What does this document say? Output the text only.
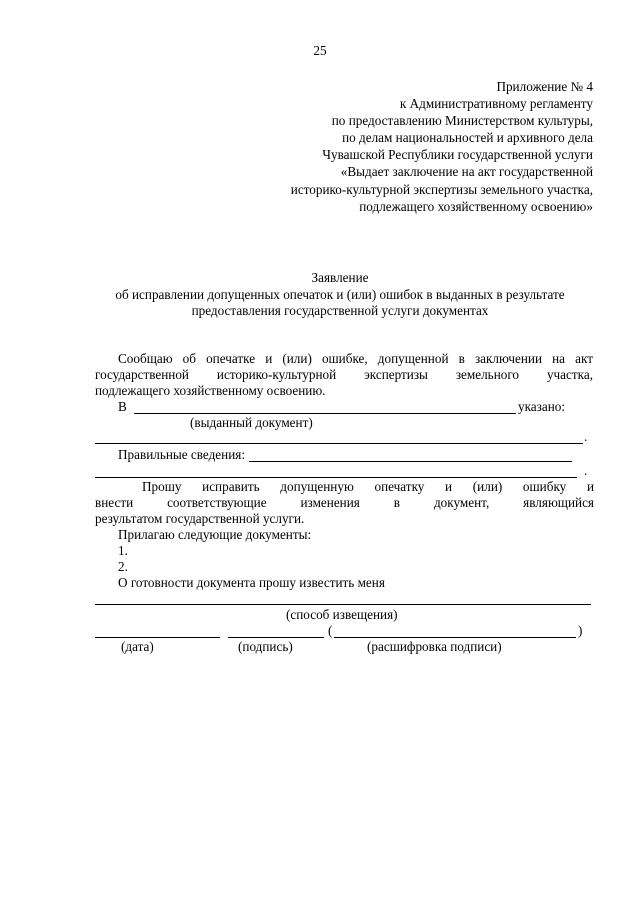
25
Приложение № 4
к Административному регламенту
по предоставлению Министерством культуры,
по делам национальностей и архивного дела
Чувашской Республики государственной услуги
«Выдает заключение на акт государственной
историко-культурной экспертизы земельного участка,
подлежащего хозяйственному освоению»
Заявление
об исправлении допущенных опечаток и (или) ошибок в выданных в результате
предоставления государственной услуги документах
Сообщаю об опечатке и (или) ошибке, допущенной в заключении на акт
государственной историко-культурной экспертизы земельного участка,
подлежащего хозяйственному освоению.
В	указано:
(выданный документ)
.
Правильные сведения:
.
Прошу исправить допущенную опечатку и (или) ошибку и
внести соответствующие изменения в документ, являющийся
результатом государственной услуги.
Прилагаю следующие документы:
1.
2.
О готовности документа прошу известить меня
(способ извещения)
(	)
(дата)	(подпись)	(расшифровка подписи)
